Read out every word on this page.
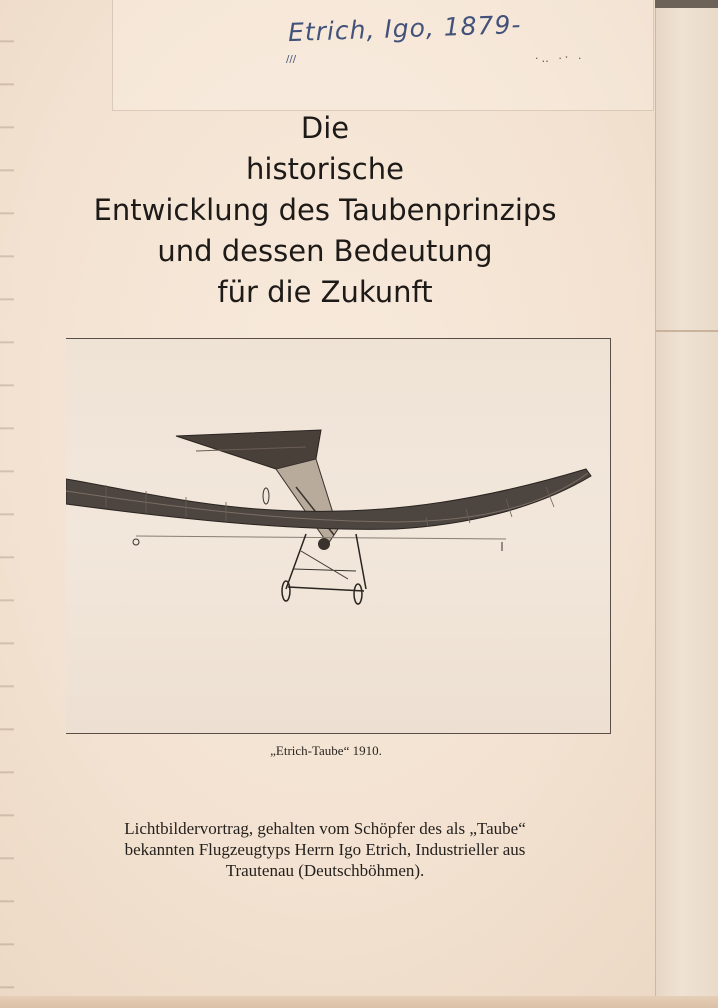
Etrich, Igo, 1879-
///	·‥ ·ˑ ·
Die
historische
Entwicklung des Taubenprinzips
und dessen Bedeutung
für die Zukunft
„Etrich-Taube“ 1910.
Lichtbildervortrag, gehalten vom Schöpfer des als „Taube“
bekannten Flugzeugtyps Herrn Igo Etrich, Industrieller aus
Trautenau (Deutschböhmen).
